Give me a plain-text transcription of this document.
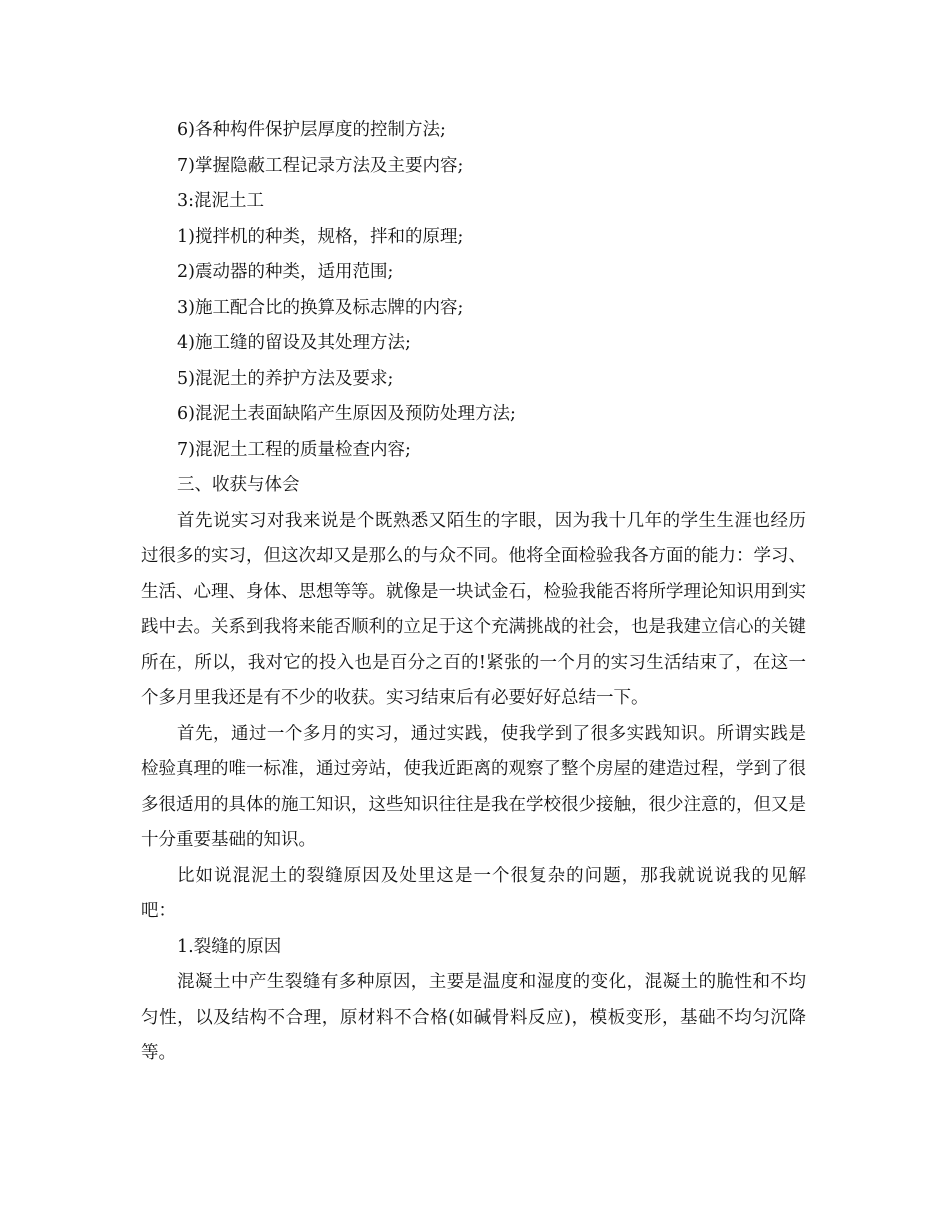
6)各种构件保护层厚度的控制方法;

7)掌握隐蔽工程记录方法及主要内容;

3:混泥土工

1)搅拌机的种类，规格，拌和的原理;

2)震动器的种类，适用范围;

3)施工配合比的换算及标志牌的内容;

4)施工缝的留设及其处理方法;

5)混泥土的养护方法及要求;

6)混泥土表面缺陷产生原因及预防处理方法;

7)混泥土工程的质量检查内容;

三、收获与体会

首先说实习对我来说是个既熟悉又陌生的字眼，因为我十几年的学生生涯也经历过很多的实习，但这次却又是那么的与众不同。他将全面检验我各方面的能力：学习、生活、心理、身体、思想等等。就像是一块试金石，检验我能否将所学理论知识用到实践中去。关系到我将来能否顺利的立足于这个充满挑战的社会，也是我建立信心的关键所在，所以，我对它的投入也是百分之百的!紧张的一个月的实习生活结束了，在这一个多月里我还是有不少的收获。实习结束后有必要好好总结一下。

首先，通过一个多月的实习，通过实践，使我学到了很多实践知识。所谓实践是检验真理的唯一标准，通过旁站，使我近距离的观察了整个房屋的建造过程，学到了很多很适用的具体的施工知识，这些知识往往是我在学校很少接触，很少注意的，但又是十分重要基础的知识。

比如说混泥土的裂缝原因及处里这是一个很复杂的问题，那我就说说我的见解吧：

1.裂缝的原因

混凝土中产生裂缝有多种原因，主要是温度和湿度的变化，混凝土的脆性和不均匀性，以及结构不合理，原材料不合格(如碱骨料反应)，模板变形，基础不均匀沉降等。
